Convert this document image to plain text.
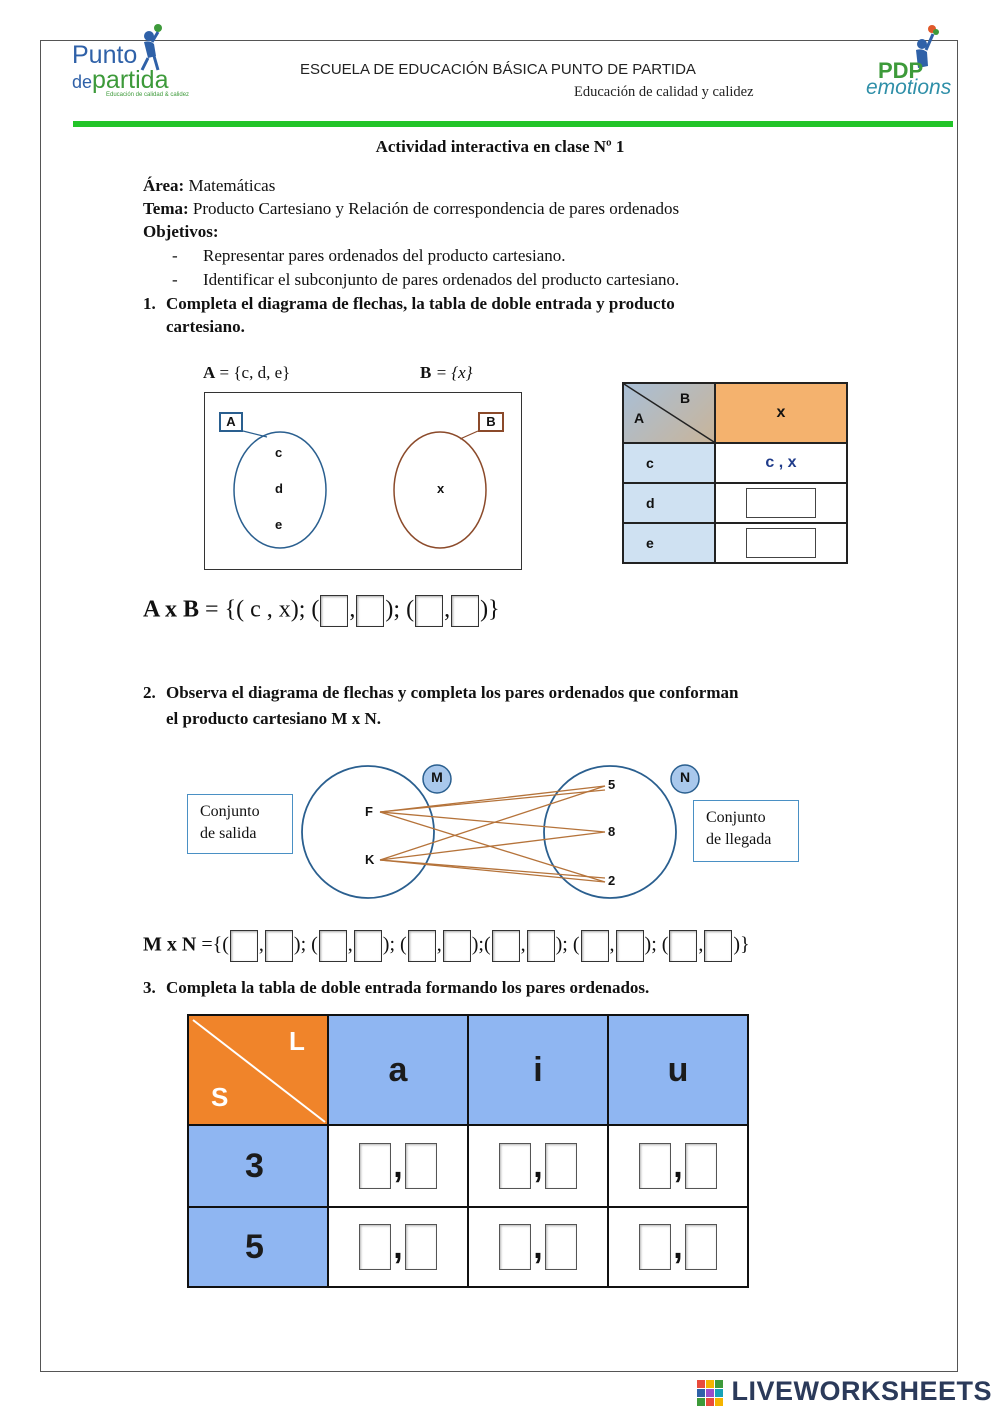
Punto
departida
Educación de calidad & calidez
ESCUELA DE EDUCACIÓN BÁSICA PUNTO DE PARTIDA
Educación de calidad y calidez
PDP
emotions
Actividad interactiva en clase Nº 1
Área: Matemáticas
Tema: Producto Cartesiano y Relación de correspondencia de pares ordenados
Objetivos:
- Representar pares ordenados del producto cartesiano.
- Identificar el subconjunto de pares ordenados del producto cartesiano.
1. Completa el diagrama de flechas, la tabla de doble entrada y producto
cartesiano.
A = {c, d, e}	B = {x}
A	B
c
d
e
x
B
A	x
c	c , x
d	
e	
A x B = {( c , x); ( , ); ( , )}
2. Observa el diagrama de flechas y completa los pares ordenados que conforman
el producto cartesiano M x N.
Conjunto
de salida
Conjunto
de llegada
M	N
F
K
5
8
2
M x N ={( , ); ( , ); ( , );( , ); ( , ); ( , )}
3. Completa la tabla de doble entrada formando los pares ordenados.
L
S	a	i	u
3	,	,	,
5	,	,	,
LIVEWORKSHEETS
